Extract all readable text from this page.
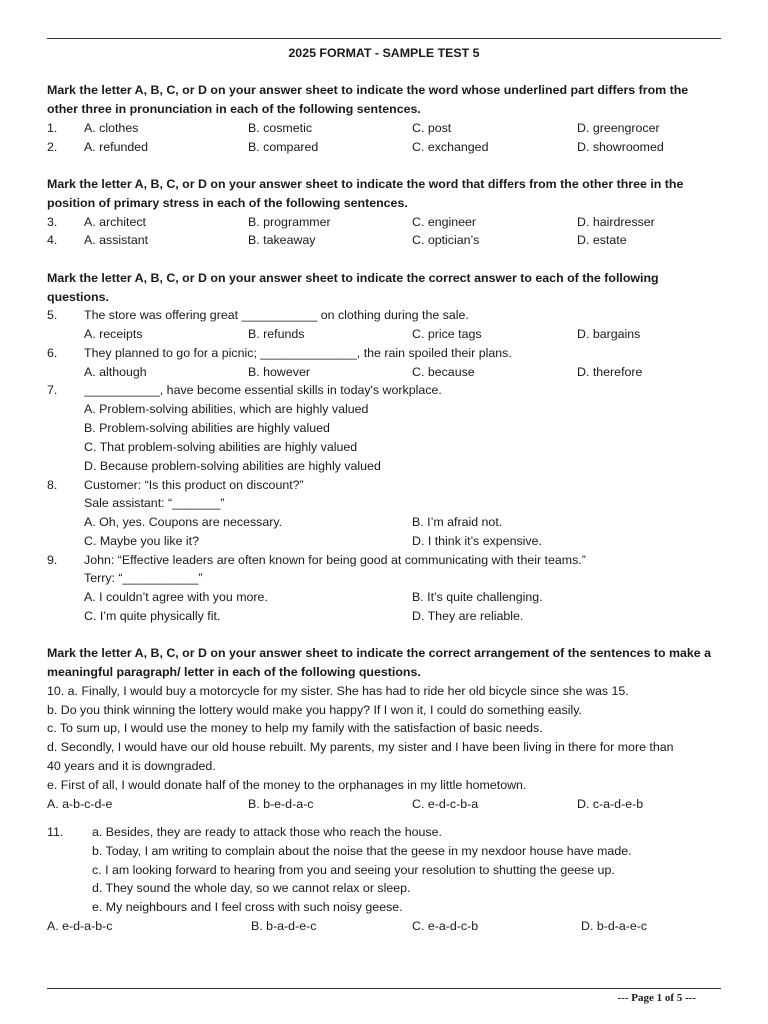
2025 FORMAT - SAMPLE TEST 5
Mark the letter A, B, C, or D on your answer sheet to indicate the word whose underlined part differs from the
other three in pronunciation in each of the following sentences.
1. A. clothes	B. cosmetic	C. post	D. greengrocer
2. A. refunded	B. compared	C. exchanged	D. showroomed
Mark the letter A, B, C, or D on your answer sheet to indicate the word that differs from the other three in the
position of primary stress in each of the following sentences.
3. A. architect	B. programmer	C. engineer	D. hairdresser
4. A. assistant	B. takeaway	C. optician’s	D. estate
Mark the letter A, B, C, or D on your answer sheet to indicate the correct answer to each of the following
questions.
5. The store was offering great ___________ on clothing during the sale.
A. receipts	B. refunds	C. price tags	D. bargains
6. They planned to go for a picnic; ______________, the rain spoiled their plans.
A. although	B. however	C. because	D. therefore
7. ___________, have become essential skills in today's workplace.
A. Problem-solving abilities, which are highly valued
B. Problem-solving abilities are highly valued
C. That problem-solving abilities are highly valued
D. Because problem-solving abilities are highly valued
8. Customer: “Is this product on discount?”
Sale assistant: “_______”
A. Oh, yes. Coupons are necessary.	B. I’m afraid not.
C. Maybe you like it?	D. I think it’s expensive.
9. John: “Effective leaders are often known for being good at communicating with their teams.”
Terry: “___________”
A. I couldn’t agree with you more.	B. It’s quite challenging.
C. I’m quite physically fit.	D. They are reliable.
Mark the letter A, B, C, or D on your answer sheet to indicate the correct arrangement of the sentences to make a
meaningful paragraph/ letter in each of the following questions.
10. a. Finally, I would buy a motorcycle for my sister. She has had to ride her old bicycle since she was 15.
b. Do you think winning the lottery would make you happy? If I won it, I could do something easily.
c. To sum up, I would use the money to help my family with the satisfaction of basic needs.
d. Secondly, I would have our old house rebuilt. My parents, my sister and I have been living in there for more than
40 years and it is downgraded.
e. First of all, I would donate half of the money to the orphanages in my little hometown.
A. a-b-c-d-e	B. b-e-d-a-c	C. e-d-c-b-a	D. c-a-d-e-b
11. a. Besides, they are ready to attack those who reach the house.
b. Today, I am writing to complain about the noise that the geese in my nexdoor house have made.
c. I am looking forward to hearing from you and seeing your resolution to shutting the geese up.
d. They sound the whole day, so we cannot relax or sleep.
e. My neighbours and I feel cross with such noisy geese.
A. e-d-a-b-c	B. b-a-d-e-c	C. e-a-d-c-b	D. b-d-a-e-c
--- Page 1 of 5 ---
